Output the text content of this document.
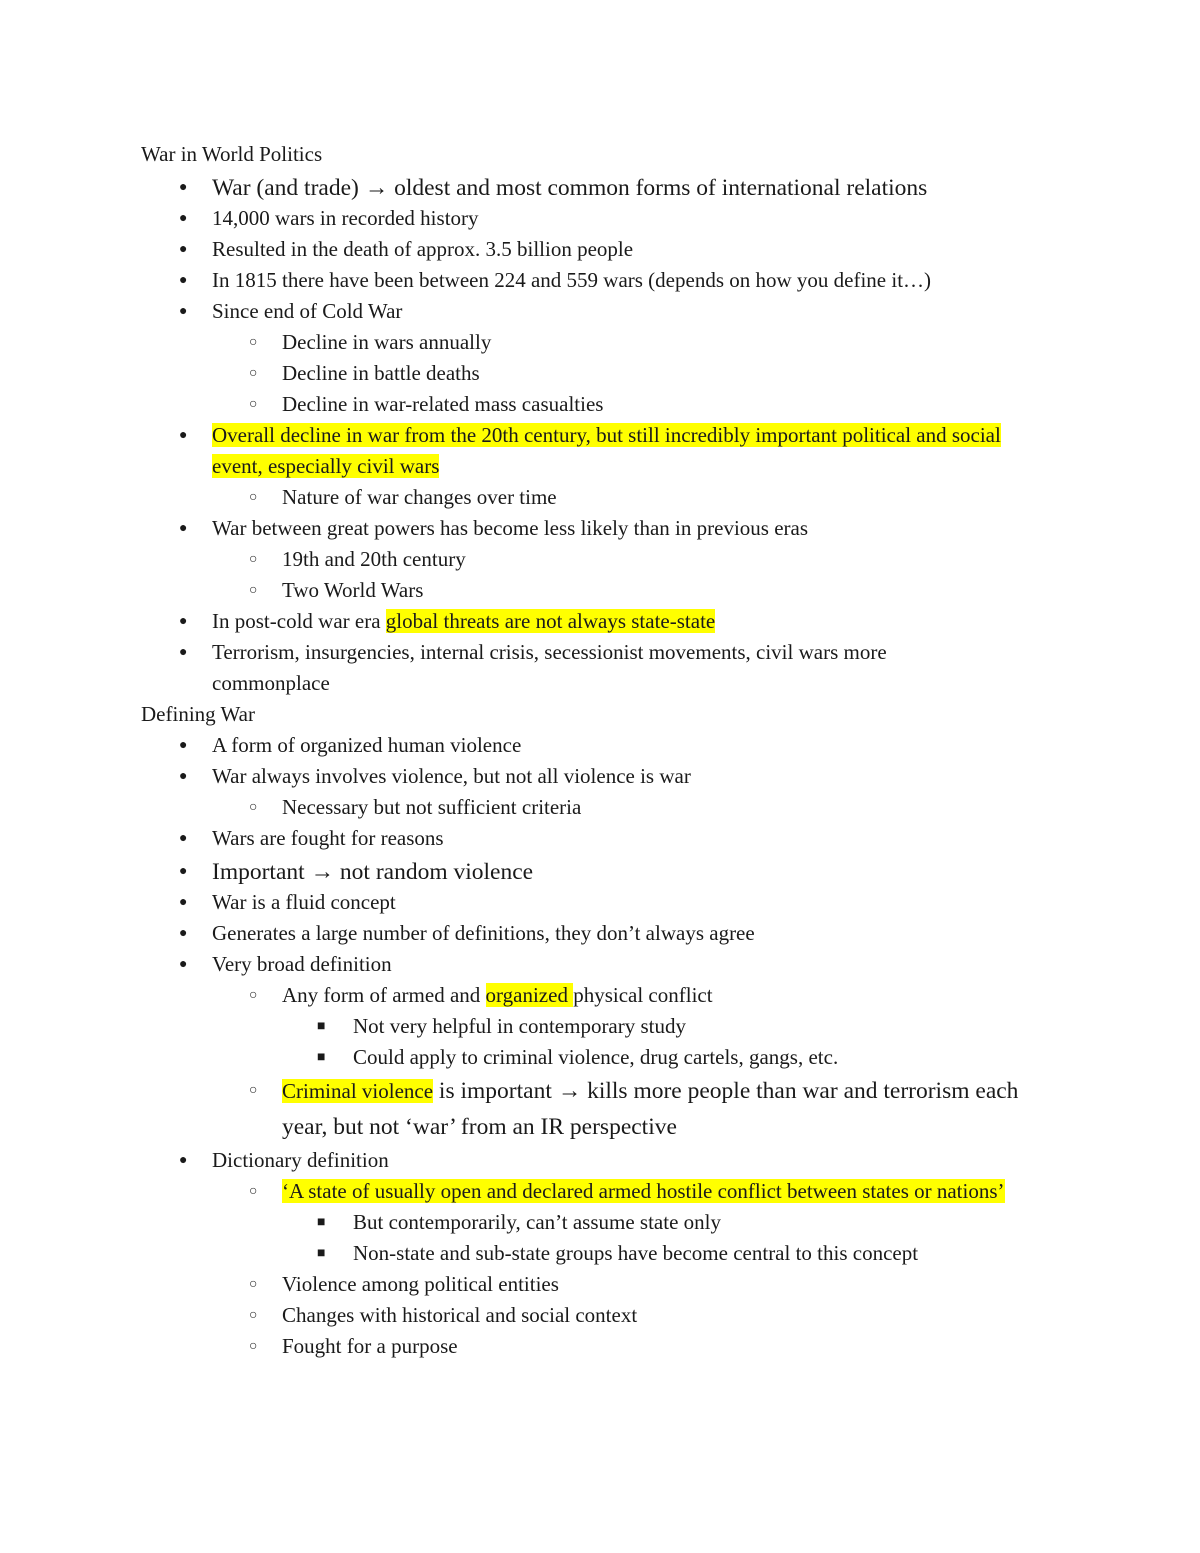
War in World Politics
● War (and trade) → oldest and most common forms of international relations
● 14,000 wars in recorded history
● Resulted in the death of approx. 3.5 billion people
● In 1815 there have been between 224 and 559 wars (depends on how you define it…)
● Since end of Cold War
○ Decline in wars annually
○ Decline in battle deaths
○ Decline in war-related mass casualties
● Overall decline in war from the 20th century, but still incredibly important political and social event, especially civil wars
○ Nature of war changes over time
● War between great powers has become less likely than in previous eras
○ 19th and 20th century
○ Two World Wars
● In post-cold war era global threats are not always state-state
● Terrorism, insurgencies, internal crisis, secessionist movements, civil wars more commonplace
Defining War
● A form of organized human violence
● War always involves violence, but not all violence is war
○ Necessary but not sufficient criteria
● Wars are fought for reasons
● Important → not random violence
● War is a fluid concept
● Generates a large number of definitions, they don’t always agree
● Very broad definition
○ Any form of armed and organized physical conflict
■ Not very helpful in contemporary study
■ Could apply to criminal violence, drug cartels, gangs, etc.
○ Criminal violence is important → kills more people than war and terrorism each year, but not ‘war’ from an IR perspective
● Dictionary definition
○ ‘A state of usually open and declared armed hostile conflict between states or nations’
■ But contemporarily, can’t assume state only
■ Non-state and sub-state groups have become central to this concept
○ Violence among political entities
○ Changes with historical and social context
○ Fought for a purpose
